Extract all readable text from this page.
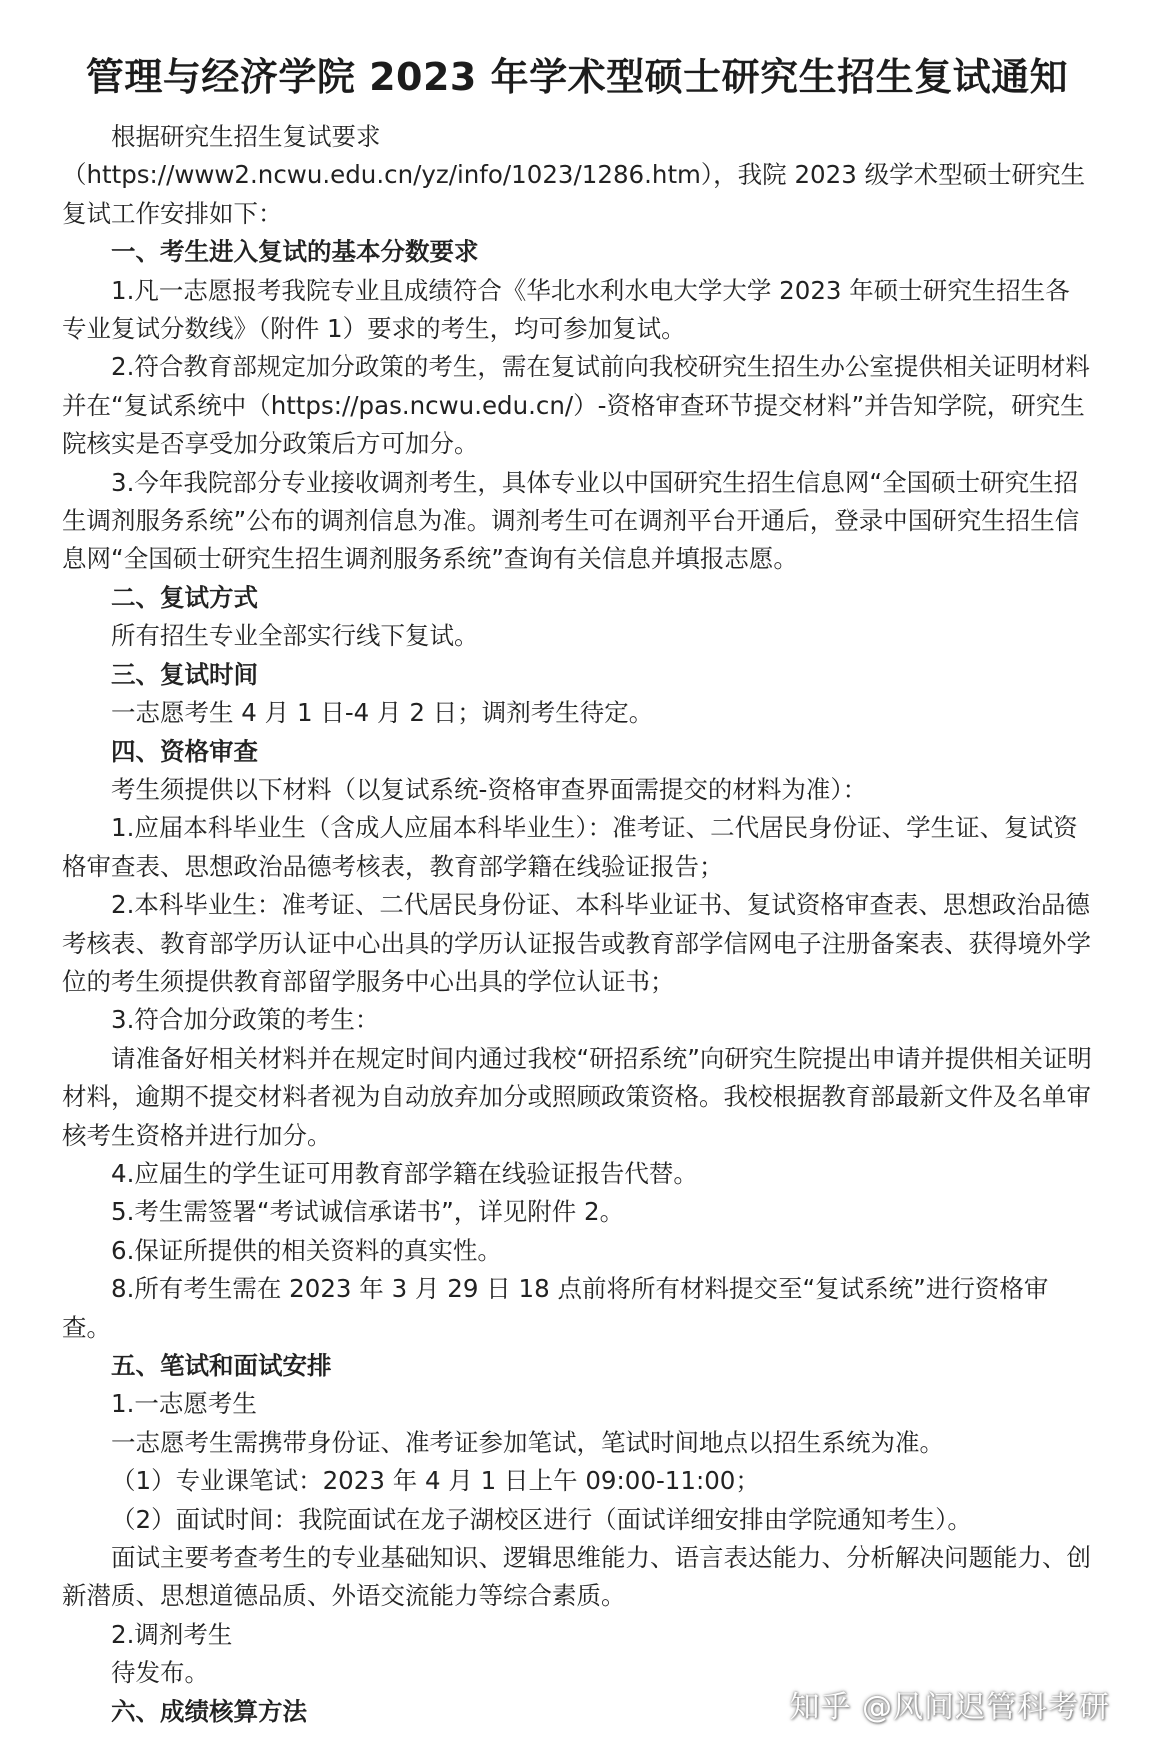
管理与经济学院 2023 年学术型硕士研究生招生复试通知

根据研究生招生复试要求

（https://www2.ncwu.edu.cn/yz/info/1023/1286.htm），我院 2023 级学术型硕士研究生复试工作安排如下：

一、考生进入复试的基本分数要求

1.凡一志愿报考我院专业且成绩符合《华北水利水电大学大学 2023 年硕士研究生招生各专业复试分数线》（附件 1）要求的考生，均可参加复试。

2.符合教育部规定加分政策的考生，需在复试前向我校研究生招生办公室提供相关证明材料并在“复试系统中（https://pas.ncwu.edu.cn/）-资格审查环节提交材料”并告知学院，研究生院核实是否享受加分政策后方可加分。

3.今年我院部分专业接收调剂考生，具体专业以中国研究生招生信息网“全国硕士研究生招生调剂服务系统”公布的调剂信息为准。调剂考生可在调剂平台开通后，登录中国研究生招生信息网“全国硕士研究生招生调剂服务系统”查询有关信息并填报志愿。

二、复试方式

所有招生专业全部实行线下复试。

三、复试时间

一志愿考生 4 月 1 日-4 月 2 日；调剂考生待定。

四、资格审查

考生须提供以下材料（以复试系统-资格审查界面需提交的材料为准）：

1.应届本科毕业生（含成人应届本科毕业生）：准考证、二代居民身份证、学生证、复试资格审查表、思想政治品德考核表，教育部学籍在线验证报告；

2.本科毕业生：准考证、二代居民身份证、本科毕业证书、复试资格审查表、思想政治品德考核表、教育部学历认证中心出具的学历认证报告或教育部学信网电子注册备案表、获得境外学位的考生须提供教育部留学服务中心出具的学位认证书；

3.符合加分政策的考生：

请准备好相关材料并在规定时间内通过我校“研招系统”向研究生院提出申请并提供相关证明材料，逾期不提交材料者视为自动放弃加分或照顾政策资格。我校根据教育部最新文件及名单审核考生资格并进行加分。

4.应届生的学生证可用教育部学籍在线验证报告代替。

5.考生需签署“考试诚信承诺书”，详见附件 2。

6.保证所提供的相关资料的真实性。

8.所有考生需在 2023 年 3 月 29 日 18 点前将所有材料提交至“复试系统”进行资格审查。

五、笔试和面试安排

1.一志愿考生

一志愿考生需携带身份证、准考证参加笔试，笔试时间地点以招生系统为准。

（1）专业课笔试：2023 年 4 月 1 日上午 09:00-11:00；

（2）面试时间：我院面试在龙子湖校区进行（面试详细安排由学院通知考生）。

面试主要考查考生的专业基础知识、逻辑思维能力、语言表达能力、分析解决问题能力、创新潜质、思想道德品质、外语交流能力等综合素质。

2.调剂考生

待发布。

六、成绩核算方法	知乎 @风间迟管科考研
